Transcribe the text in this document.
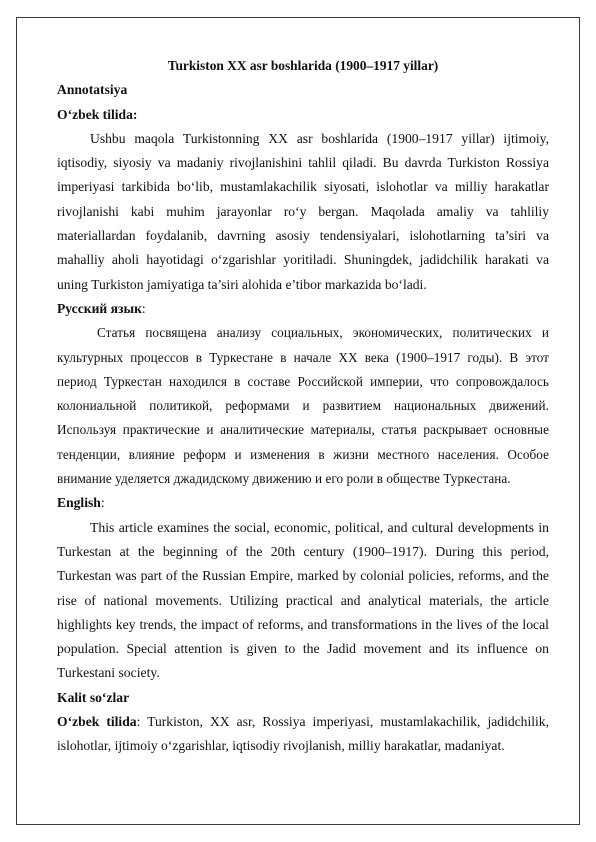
Turkiston XX asr boshlarida (1900–1917 yillar)

Annotatsiya

O‘zbek tilida:

Ushbu maqola Turkistonning XX asr boshlarida (1900–1917 yillar) ijtimoiy, iqtisodiy, siyosiy va madaniy rivojlanishini tahlil qiladi. Bu davrda Turkiston Rossiya imperiyasi tarkibida bo‘lib, mustamlakachilik siyosati, islohotlar va milliy harakatlar rivojlanishi kabi muhim jarayonlar ro‘y bergan. Maqolada amaliy va tahliliy materiallardan foydalanib, davrning asosiy tendensiyalari, islohotlarning ta’siri va mahalliy aholi hayotidagi o‘zgarishlar yoritiladi. Shuningdek, jadidchilik harakati va uning Turkiston jamiyatiga ta’siri alohida e’tibor markazida bo‘ladi.

Русский язык:

Статья посвящена анализу социальных, экономических, политических и культурных процессов в Туркестане в начале XX века (1900–1917 годы). В этот период Туркестан находился в составе Российской империи, что сопровождалось колониальной политикой, реформами и развитием национальных движений. Используя практические и аналитические материалы, статья раскрывает основные тенденции, влияние реформ и изменения в жизни местного населения. Особое внимание уделяется джадидскому движению и его роли в обществе Туркестана.

English:

This article examines the social, economic, political, and cultural developments in Turkestan at the beginning of the 20th century (1900–1917). During this period, Turkestan was part of the Russian Empire, marked by colonial policies, reforms, and the rise of national movements. Utilizing practical and analytical materials, the article highlights key trends, the impact of reforms, and transformations in the lives of the local population. Special attention is given to the Jadid movement and its influence on Turkestani society.

Kalit so‘zlar

O‘zbek tilida: Turkiston, XX asr, Rossiya imperiyasi, mustamlakachilik, jadidchilik, islohotlar, ijtimoiy o‘zgarishlar, iqtisodiy rivojlanish, milliy harakatlar, madaniyat.
